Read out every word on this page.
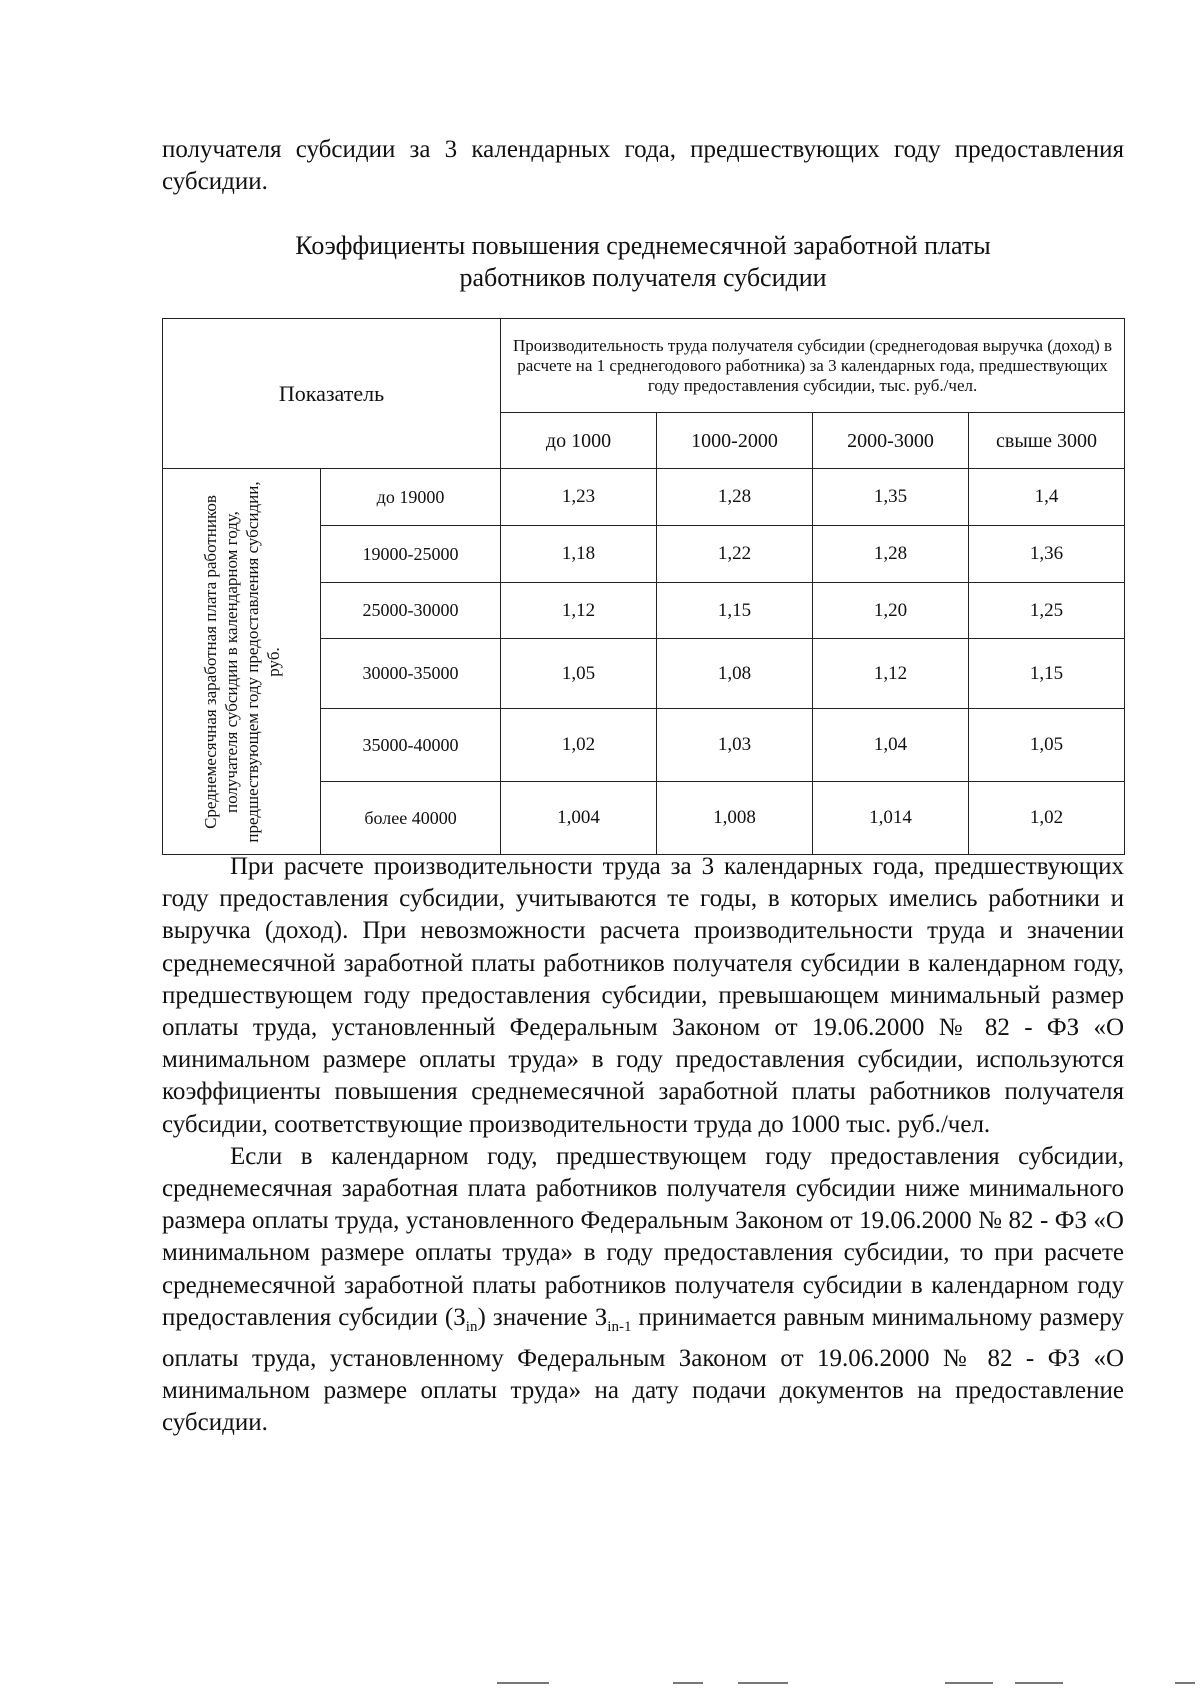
получателя субсидии за 3 календарных года, предшествующих году предоставления субсидии.

Коэффициенты повышения среднемесячной заработной платы
работников получателя субсидии
Показатель		Производительность труда получателя субсидии (среднегодовая выручка (доход) в расчете на 1 среднегодового работника) за 3 календарных года, предшествующих году предоставления субсидии, тыс. руб./чел.			
		до 1000	1000-2000	2000-3000	свыше 3000

Среднемесячная заработная плата работников получателя субсидии в календарном году, предшествующем году предоставления субсидии, руб.	до 19000	1,23	1,28	1,35	1,4
	19000-25000	1,18	1,22	1,28	1,36
	25000-30000	1,12	1,15	1,20	1,25
	30000-35000	1,05	1,08	1,12	1,15
	35000-40000	1,02	1,03	1,04	1,05
	более 40000	1,004	1,008	1,014	1,02

При расчете производительности труда за 3 календарных года, предшествующих году предоставления субсидии, учитываются те годы, в которых имелись работники и выручка (доход). При невозможности расчета производительности труда и значении среднемесячной заработной платы работников получателя субсидии в календарном году, предшествующем году предоставления субсидии, превышающем минимальный размер оплаты труда, установленный Федеральным Законом от 19.06.2000 № 82 - ФЗ «О минимальном размере оплаты труда» в году предоставления субсидии, используются коэффициенты повышения среднемесячной заработной платы работников получателя субсидии, соответствующие производительности труда до 1000 тыс. руб./чел.

Если в календарном году, предшествующем году предоставления субсидии, среднемесячная заработная плата работников получателя субсидии ниже минимального размера оплаты труда, установленного Федеральным Законом от 19.06.2000 № 82 - ФЗ «О минимальном размере оплаты труда» в году предоставления субсидии, то при расчете среднемесячной заработной платы работников получателя субсидии в календарном году предоставления субсидии $(З_{in})$ значение $З_{in-1}$ принимается равным минимальному размеру оплаты труда, установленному Федеральным Законом от 19.06.2000 № 82 - ФЗ «О минимальном размере оплаты труда» на дату подачи документов на предоставление субсидии.
